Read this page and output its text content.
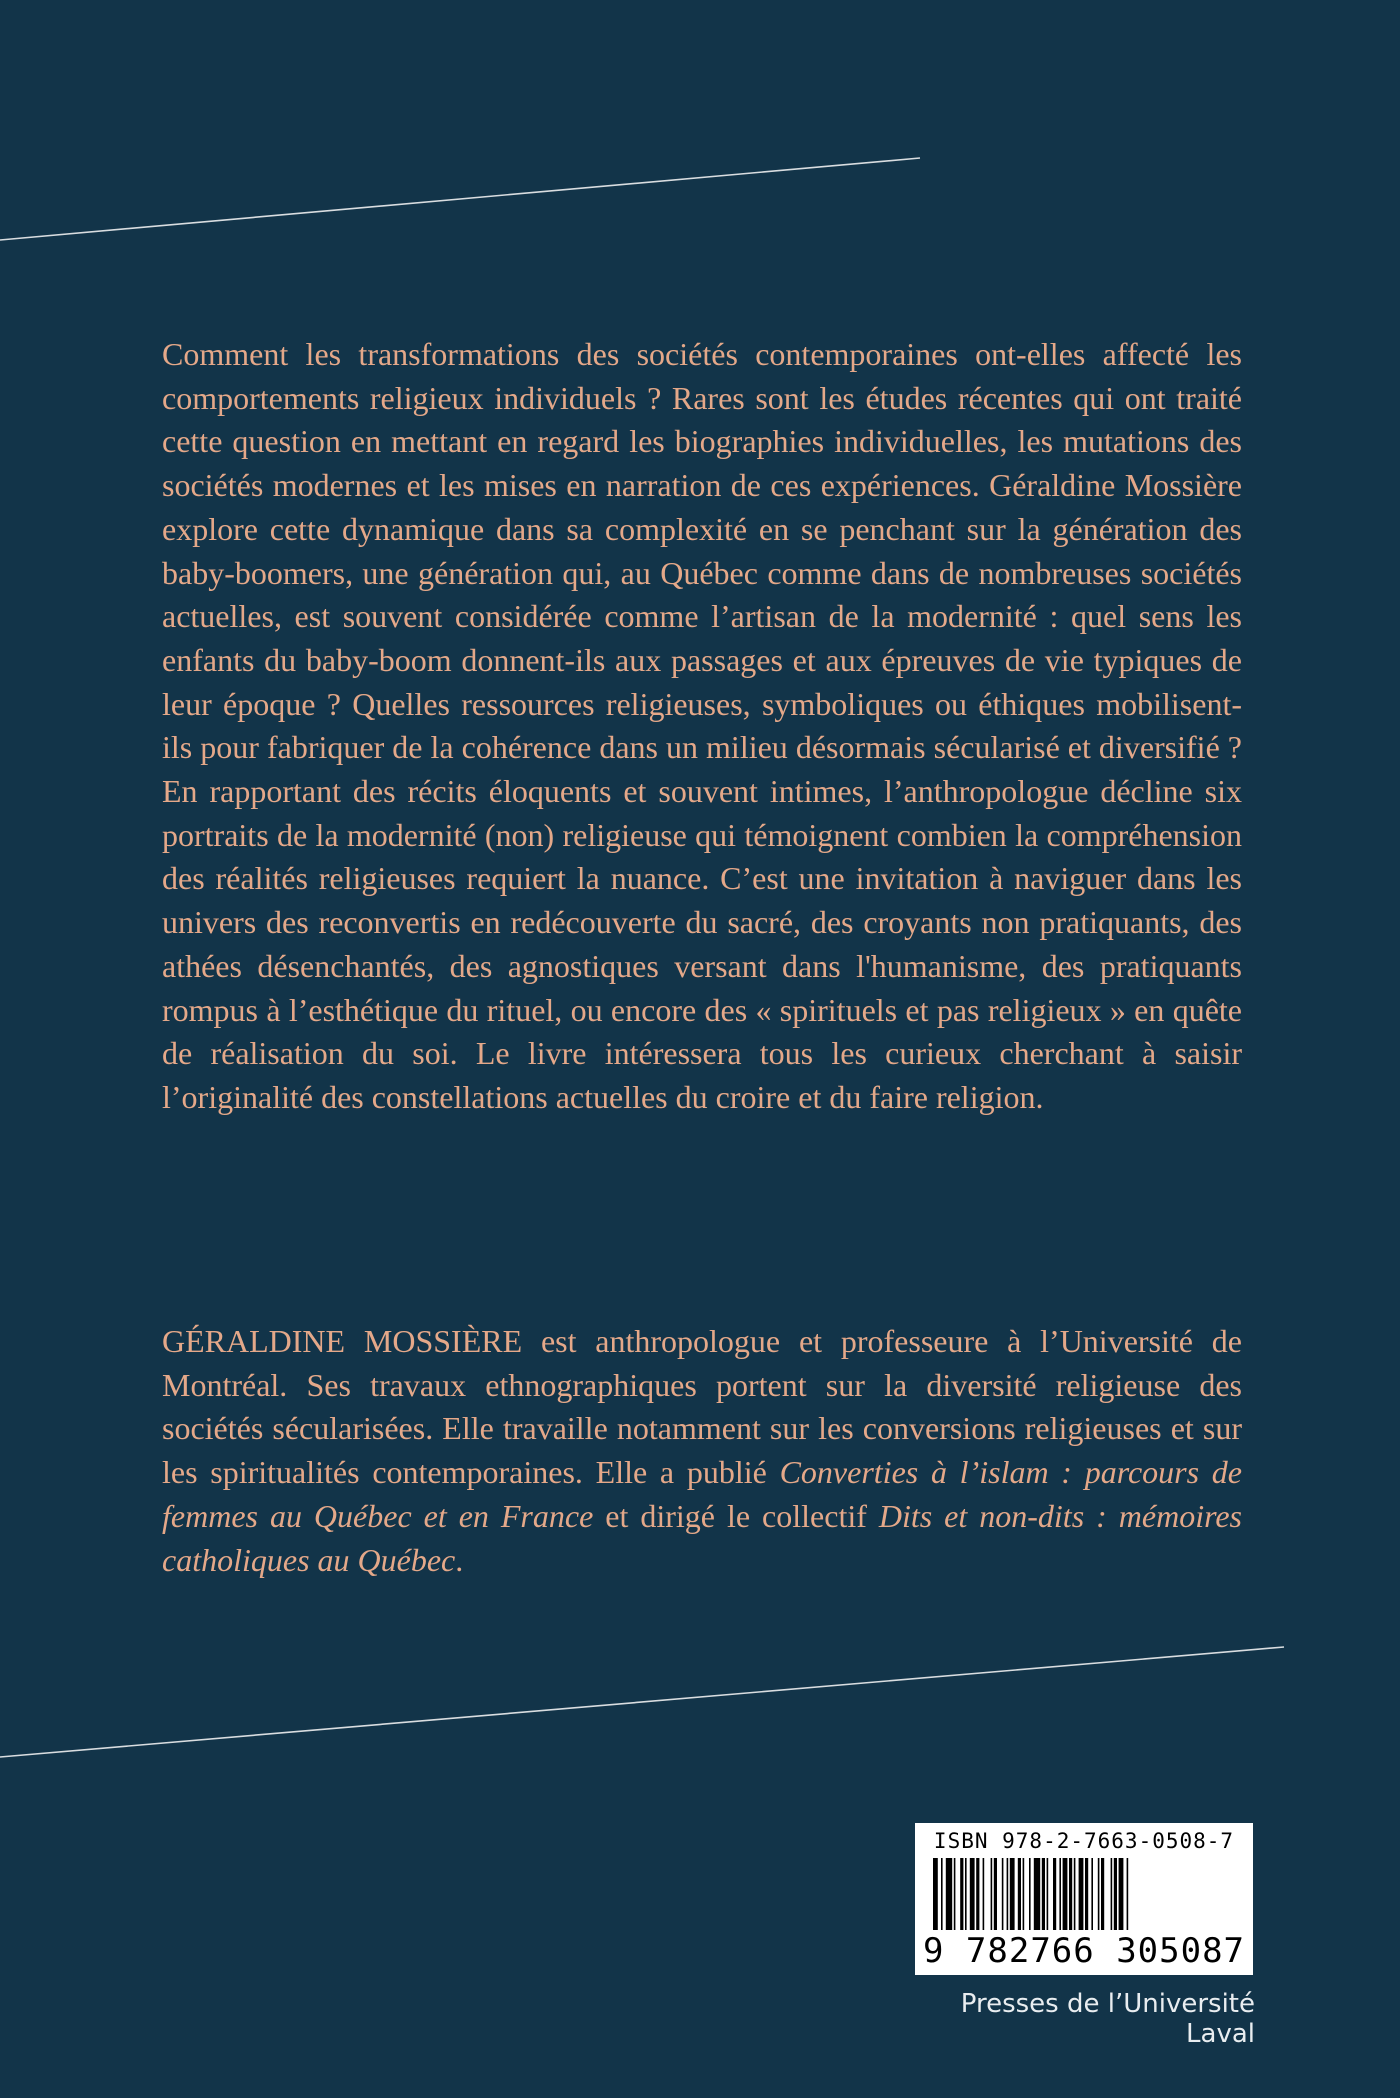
Comment les transformations des sociétés contemporaines ont-elles affecté les comportements religieux individuels ? Rares sont les études récentes qui ont traité cette question en mettant en regard les biographies individuelles, les mutations des sociétés modernes et les mises en narration de ces expériences. Géraldine Mossière explore cette dynamique dans sa complexité en se penchant sur la génération des baby-boomers, une génération qui, au Québec comme dans de nombreuses sociétés actuelles, est souvent considérée comme l’artisan de la modernité : quel sens les enfants du baby-boom donnent-ils aux passages et aux épreuves de vie typiques de leur époque ? Quelles ressources religieuses, symboliques ou éthiques mobilisent-ils pour fabriquer de la cohérence dans un milieu désormais sécularisé et diversifié ? En rapportant des récits éloquents et souvent intimes, l’anthropologue décline six portraits de la modernité (non) religieuse qui témoignent combien la compréhension des réalités religieuses requiert la nuance. C’est une invitation à naviguer dans les univers des reconvertis en redécouverte du sacré, des croyants non pratiquants, des athées désenchantés, des agnostiques versant dans l'humanisme, des pratiquants rompus à l’esthétique du rituel, ou encore des « spirituels et pas religieux » en quête de réalisation du soi. Le livre intéressera tous les curieux cherchant à saisir l’originalité des constellations actuelles du croire et du faire religion.

GÉRALDINE MOSSIÈRE est anthropologue et professeure à l’Université de Montréal. Ses travaux ethnographiques portent sur la diversité religieuse des sociétés sécularisées. Elle travaille notamment sur les conversions religieuses et sur les spiritualités contemporaines. Elle a publié Converties à l’islam : parcours de femmes au Québec et en France et dirigé le collectif Dits et non-dits : mémoires catholiques au Québec.

ISBN 978-2-7663-0508-7
9 782766 305087
Presses de l’Université Laval
